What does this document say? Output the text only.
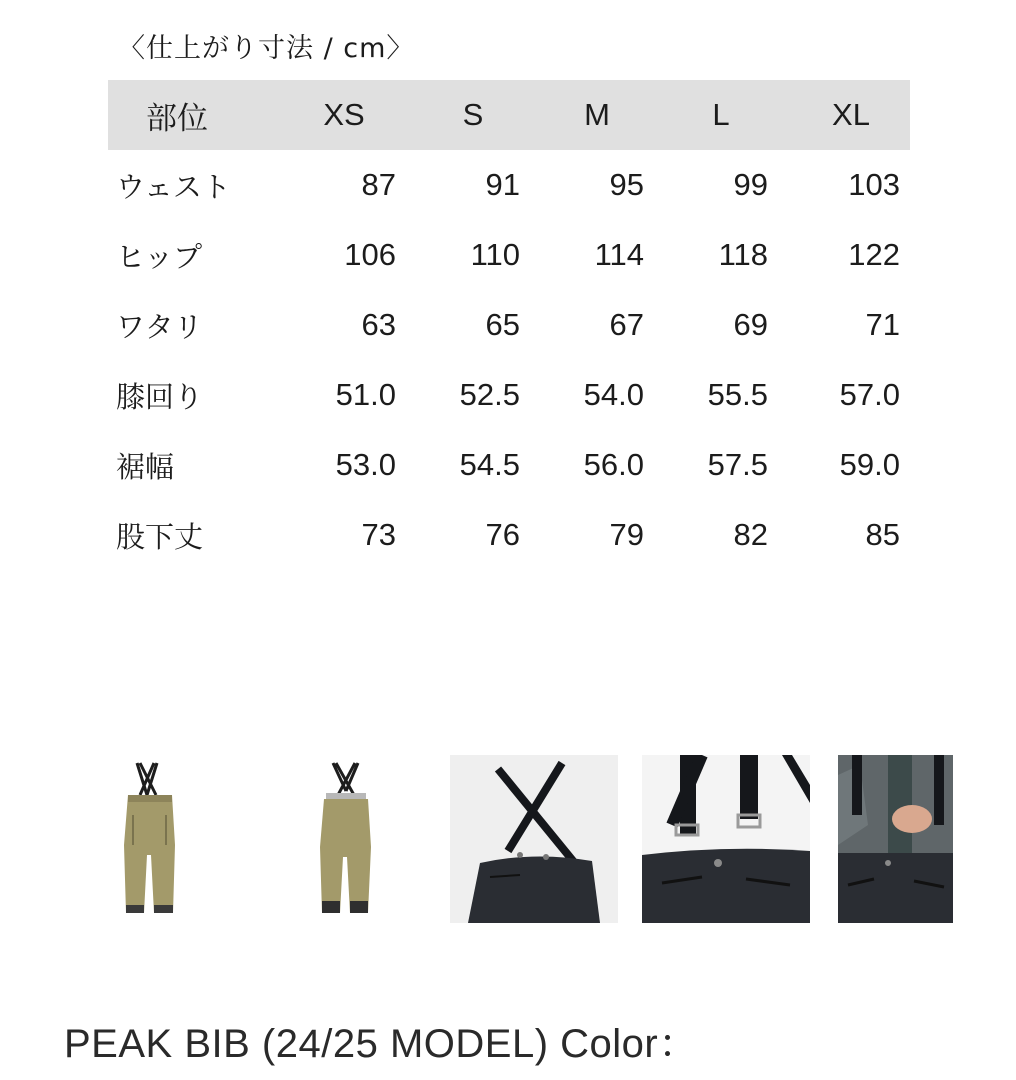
〈仕上がり寸法 / cm〉
部位	XS	S	M	L	XL
ウェスト	87	91	95	99	103
ヒップ	106	110	114	118	122
ワタリ	63	65	67	69	71
膝回り	51.0	52.5	54.0	55.5	57.0
裾幅	53.0	54.5	56.0	57.5	59.0
股下丈	73	76	79	82	85
PEAK BIB (24/25 MODEL) Color：
